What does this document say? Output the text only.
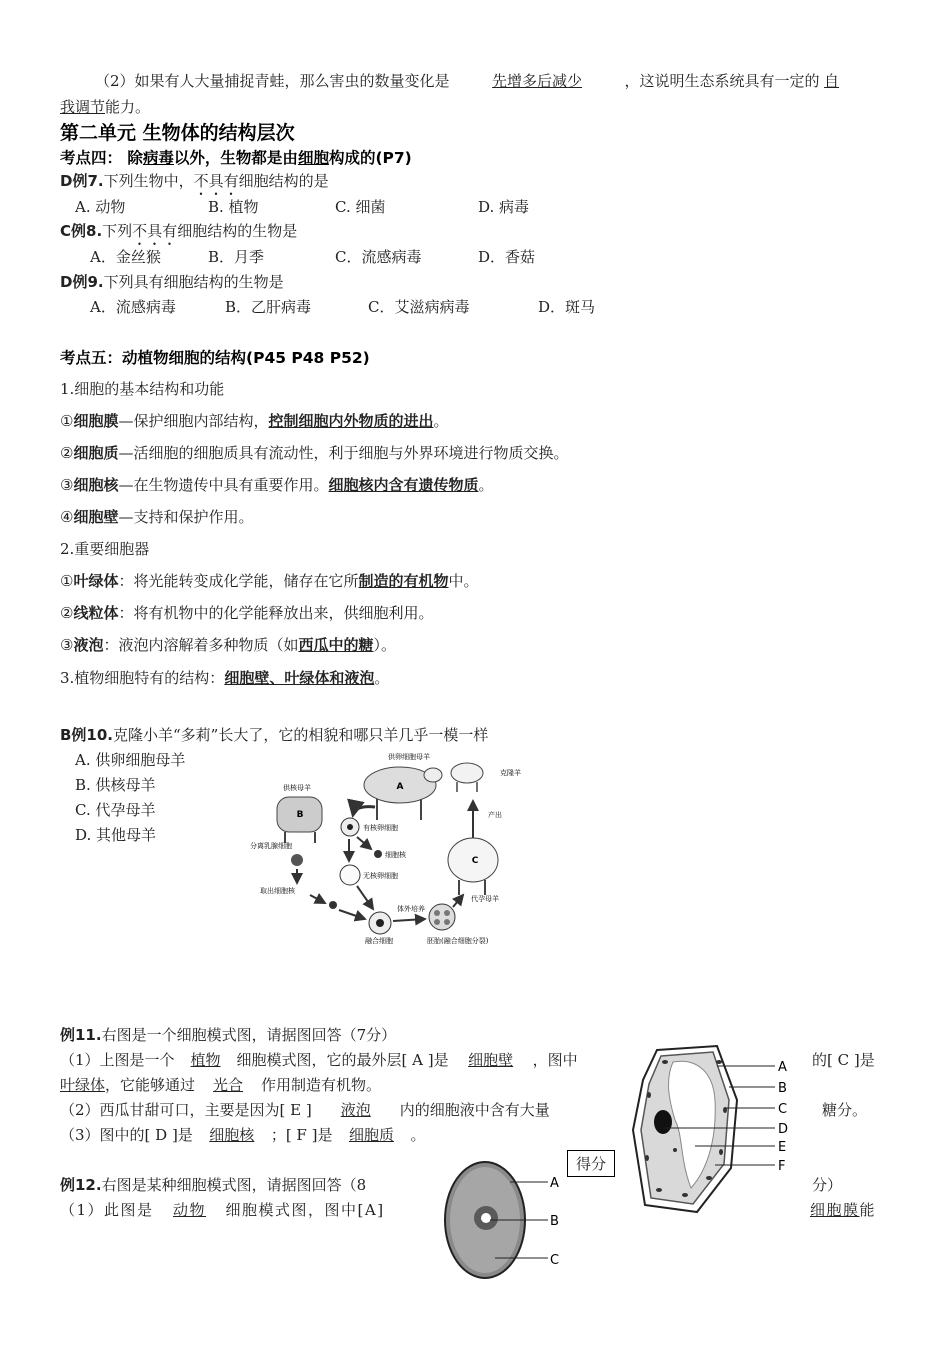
（2）如果有人大量捕捉青蛙，那么害虫的数量变化是	先增多后减少	，这说明生态系统具有一定的 自
我调节能力。
第二单元 生物体的结构层次
考点四： 除病毒以外，生物都是由细胞构成的(P7)
D例7.下列生物中，不具有细胞结构的是
A. 动物	B. 植物	C. 细菌	D. 病毒
C例8.下列不具有细胞结构的生物是
A．金丝猴	B．月季	C．流感病毒	D．香菇
D例9.下列具有细胞结构的生物是
A．流感病毒	B．乙肝病毒	C．艾滋病病毒	D．斑马
考点五：动植物细胞的结构(P45 P48 P52)
1.细胞的基本结构和功能
①细胞膜—保护细胞内部结构，控制细胞内外物质的进出。
②细胞质—活细胞的细胞质具有流动性，利于细胞与外界环境进行物质交换。
③细胞核—在生物遗传中具有重要作用。细胞核内含有遗传物质。
④细胞壁—支持和保护作用。
2.重要细胞器
①叶绿体：将光能转变成化学能，储存在它所制造的有机物中。
②线粒体：将有机物中的化学能释放出来，供细胞利用。
③液泡：液泡内溶解着多种物质（如西瓜中的糖）。
3.植物细胞特有的结构：细胞壁、叶绿体和液泡。
B例10.克隆小羊“多莉”长大了，它的相貌和哪只羊几乎一模一样
A. 供卵细胞母羊
B. 供核母羊
C. 代孕母羊
D. 其他母羊
A
供卵细胞母羊
B
供核母羊
克隆羊
产出
C
代孕母羊
有核卵细胞
细胞核
无核卵细胞
分离乳腺细胞
取出细胞核
融合细胞
体外培养
胚胎(融合细胞分裂)
例11.右图是一个细胞模式图，请据图回答（7分）
（1）上图是一个 植物 细胞模式图，它的最外层[ A ]是 细胞壁 ，图中	的[ C ]是
叶绿体，它能够通过 光合 作用制造有机物。
（2）西瓜甘甜可口，主要是因为[ E ] 液泡 内的细胞液中含有大量	糖分。
（3）图中的[ D ]是 细胞核 ；[ F ]是 细胞质 。
A
B
C
D
E
F
得分
例12.右图是某种细胞模式图，请据图回答（8	分）
（1）此图是 动物 细胞模式图，图中[A]	细胞膜能
A
B
C
